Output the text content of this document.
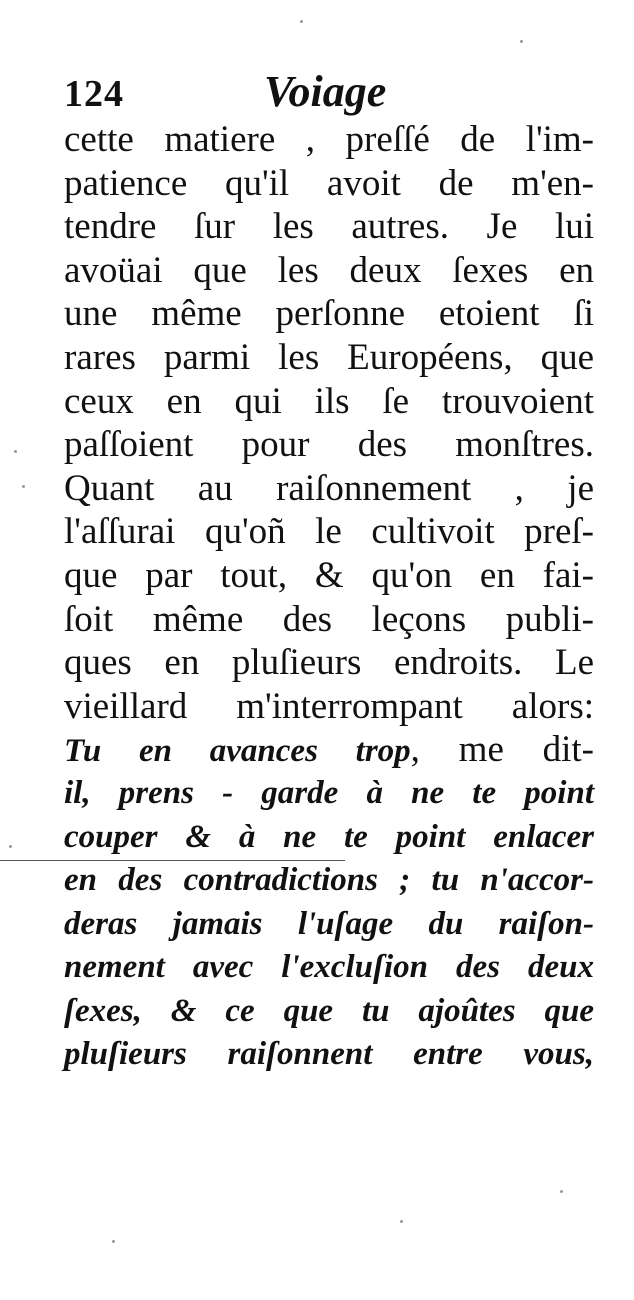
124	Voiage
cette matiere , preſſé de l'im-
patience qu'il avoit de m'en-
tendre ſur les autres. Je lui
avoüai que les deux ſexes en
une même perſonne etoient ſi
rares parmi les Européens, que
ceux en qui ils ſe trouvoient
paſſoient pour des monſtres.
Quant au raiſonnement , je
l'aſſurai qu'oñ le cultivoit preſ-
que par tout, & qu'on en fai-
ſoit même des leçons publi-
ques en pluſieurs endroits. Le
vieillard m'interrompant alors:
Tu en avances trop, me dit-
il, prens - garde à ne te point
couper & à ne te point enlacer
en des contradictions ; tu n'accor-
deras jamais l'uſage du raiſon-
nement avec l'excluſion des deux
ſexes, & ce que tu ajoûtes que
pluſieurs raiſonnent entre vous,
